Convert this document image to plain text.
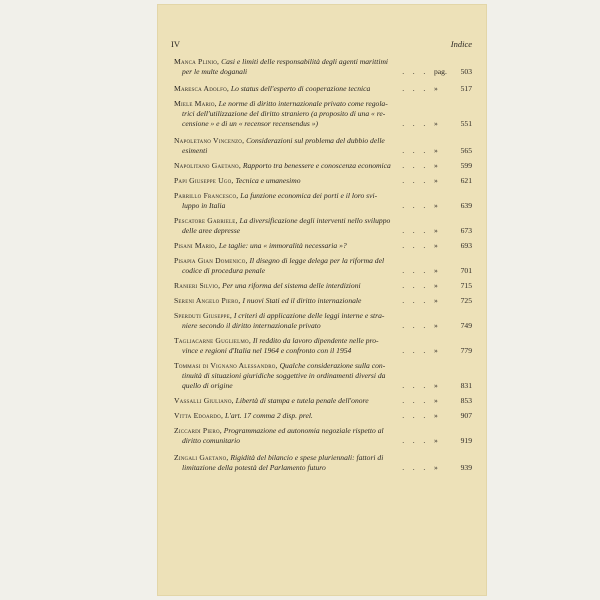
IV	Indice
Manca Plinio, Casi e limiti delle responsabilità degli agenti marittimi
per le multe doganali	. . . pag. 503
Maresca Adolfo, Lo status dell'esperto di cooperazione tecnica	. . . »	517
Miele Mario, Le norme di diritto internazionale privato come regola-
trici dell'utilizzazione del diritto straniero (a proposito di una « re-
censione » e di un « recensor recensendus »)	. . . »	551
Napoletano Vincenzo, Considerazioni sul problema del dubbio delle
esimenti	. . . »	565
Napolitano Gaetano, Rapporto tra benessere e conoscenza economica	. . . »	599
Papi Giuseppe Ugo, Tecnica e umanesimo	. . . »	621
Parrillo Francesco, La funzione economica dei porti e il loro svi-
luppo in Italia	. . . »	639
Pescatore Gabriele, La diversificazione degli interventi nello sviluppo
delle aree depresse	. . . »	673
Pisani Mario, Le taglie: una « immoralità necessaria »?	. . . »	693
Pisapia Gian Domenico, Il disegno di legge delega per la riforma del
codice di procedura penale	. . . »	701
Ranieri Silvio, Per una riforma del sistema delle interdizioni	. . . »	715
Sereni Angelo Piero, I nuovi Stati ed il diritto internazionale	. . . »	725
Sperduti Giuseppe, I criteri di applicazione delle leggi interne e stra-
niere secondo il diritto internazionale privato	. . . »	749
Tagliacarne Guglielmo, Il reddito da lavoro dipendente nelle pro-
vince e regioni d'Italia nel 1964 e confronto con il 1954	. . . »	779
Tommasi di Vignano Alessandro, Qualche considerazione sulla con-
tinuità di situazioni giuridiche soggettive in ordinamenti diversi da
quello di origine	. . . »	831
Vassalli Giuliano, Libertà di stampa e tutela penale dell'onore	. . . »	853
Vitta Edoardo, L'art. 17 comma 2 disp. prel.	. . . »	907
Ziccardi Piero, Programmazione ed autonomia negoziale rispetto al
diritto comunitario	. . . »	919
Zingali Gaetano, Rigidità del bilancio e spese pluriennali: fattori di
limitazione della potestà del Parlamento futuro	. . . »	939
